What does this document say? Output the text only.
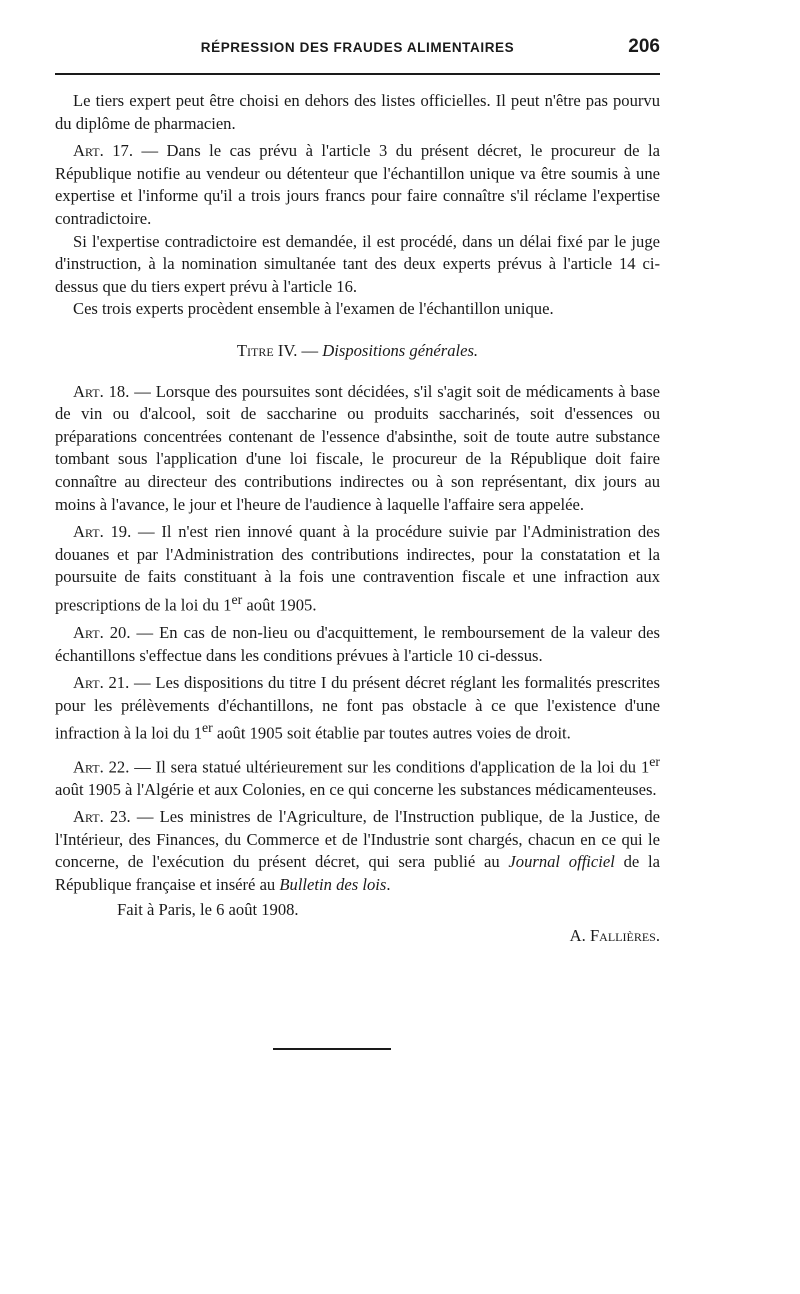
RÉPRESSION DES FRAUDES ALIMENTAIRES	206

Le tiers expert peut être choisi en dehors des listes officielles. Il peut n'être pas pourvu du diplôme de pharmacien.

Art. 17. — Dans le cas prévu à l'article 3 du présent décret, le procureur de la République notifie au vendeur ou détenteur que l'échantillon unique va être soumis à une expertise et l'informe qu'il a trois jours francs pour faire connaître s'il réclame l'expertise contradictoire.

Si l'expertise contradictoire est demandée, il est procédé, dans un délai fixé par le juge d'instruction, à la nomination simultanée tant des deux experts prévus à l'article 14 ci-dessus que du tiers expert prévu à l'article 16.

Ces trois experts procèdent ensemble à l'examen de l'échantillon unique.

Titre IV. — Dispositions générales.

Art. 18. — Lorsque des poursuites sont décidées, s'il s'agit soit de médicaments à base de vin ou d'alcool, soit de saccharine ou produits saccharinés, soit d'essences ou préparations concentrées contenant de l'essence d'absinthe, soit de toute autre substance tombant sous l'application d'une loi fiscale, le procureur de la République doit faire connaître au directeur des contributions indirectes ou à son représentant, dix jours au moins à l'avance, le jour et l'heure de l'audience à laquelle l'affaire sera appelée.

Art. 19. — Il n'est rien innové quant à la procédure suivie par l'Administration des douanes et par l'Administration des contributions indirectes, pour la constatation et la poursuite de faits constituant à la fois une contravention fiscale et une infraction aux prescriptions de la loi du 1er août 1905.

Art. 20. — En cas de non-lieu ou d'acquittement, le remboursement de la valeur des échantillons s'effectue dans les conditions prévues à l'article 10 ci-dessus.

Art. 21. — Les dispositions du titre I du présent décret réglant les formalités prescrites pour les prélèvements d'échantillons, ne font pas obstacle à ce que l'existence d'une infraction à la loi du 1er août 1905 soit établie par toutes autres voies de droit.

Art. 22. — Il sera statué ultérieurement sur les conditions d'application de la loi du 1er août 1905 à l'Algérie et aux Colonies, en ce qui concerne les substances médicamenteuses.

Art. 23. — Les ministres de l'Agriculture, de l'Instruction publique, de la Justice, de l'Intérieur, des Finances, du Commerce et de l'Industrie sont chargés, chacun en ce qui le concerne, de l'exécution du présent décret, qui sera publié au Journal officiel de la République française et inséré au Bulletin des lois.

Fait à Paris, le 6 août 1908.
A. Fallières.
